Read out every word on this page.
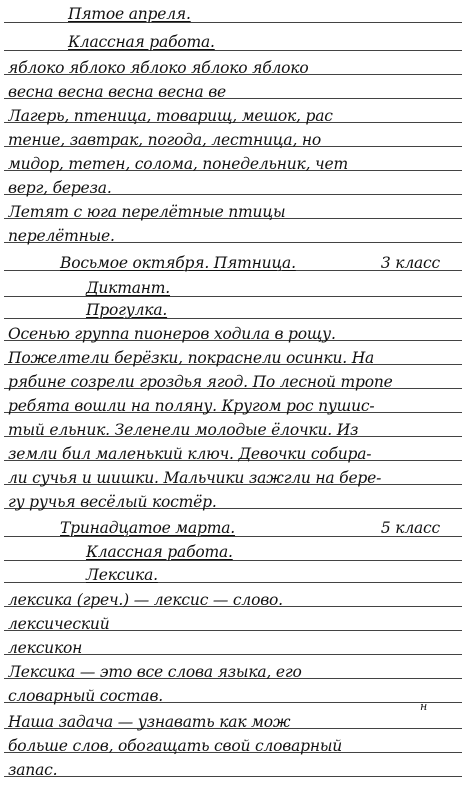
Пятое апреля.
Классная работа.
яблоко яблоко яблоко яблоко яблоко
весна весна весна весна ве
Лагерь, птеница, товарищ, мешок, рас
тение, завтрак, погода, лестница, но
мидор, тетен, солома, понедельник, чет
верг, береза.
Летят с юга перелётные птицы
перелётные.
Восьмое октября. Пятница.	3 класс
Диктант.
Прогулка.
Осенью группа пионеров ходила в рощу.
Пожелтели берёзки, покраснели осинки. На
рябине созрели гроздья ягод. По лесной тропе
ребята вошли на поляну. Кругом рос пушис-
тый ельник. Зеленели молодые ёлочки. Из
земли бил маленький ключ. Девочки собира-
ли сучья и шишки. Мальчики зажгли на бере-
гу ручья весёлый костёр.
Тринадцатое марта.	5 класс
Классная работа.
Лексика.
лексика (греч.) — лексис — слово.
лексический
лексикон
Лексика — это все слова языка, его
словарный состав.
Наша задача — узнавать как мож
н
больше слов, обогащать свой словарный
запас.
